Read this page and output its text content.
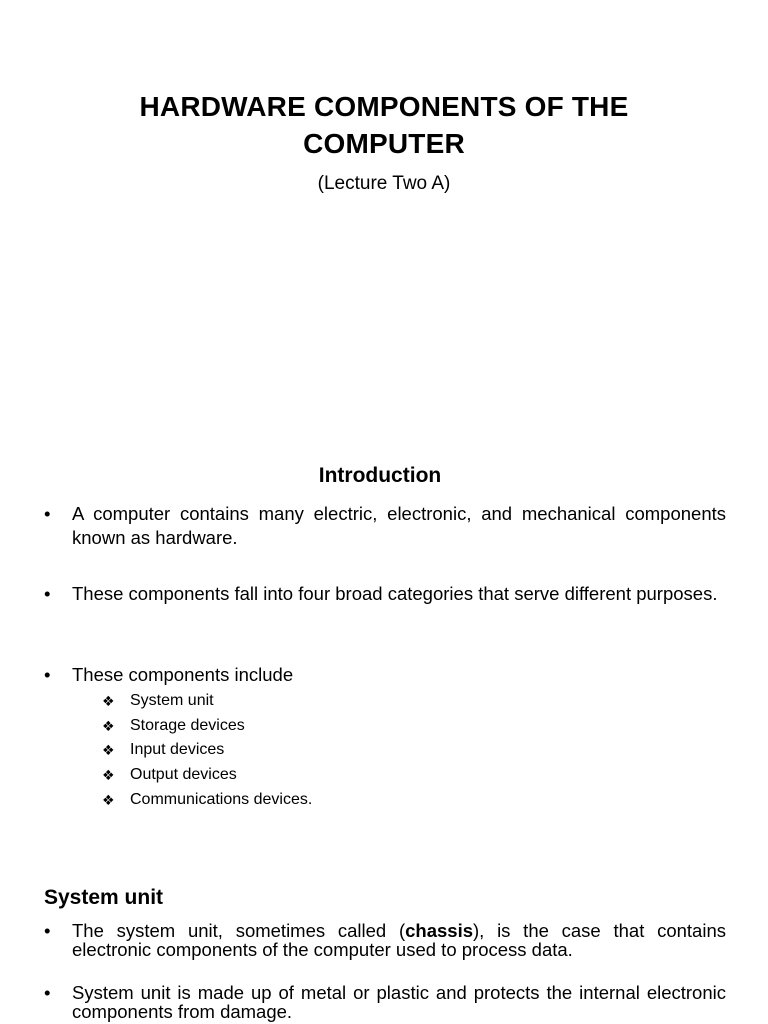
HARDWARE COMPONENTS OF THE
COMPUTER
(Lecture Two A)
Introduction
•	A computer contains many electric, electronic, and mechanical components known as hardware.
•	These components fall into four broad categories that serve different purposes.
•	These components include
❖ System unit
❖ Storage devices
❖ Input devices
❖ Output devices
❖ Communications devices.
System unit
•	The system unit, sometimes called (chassis), is the case that contains electronic components of the computer used to process data.
•	System unit is made up of metal or plastic and protects the internal electronic components from damage.
